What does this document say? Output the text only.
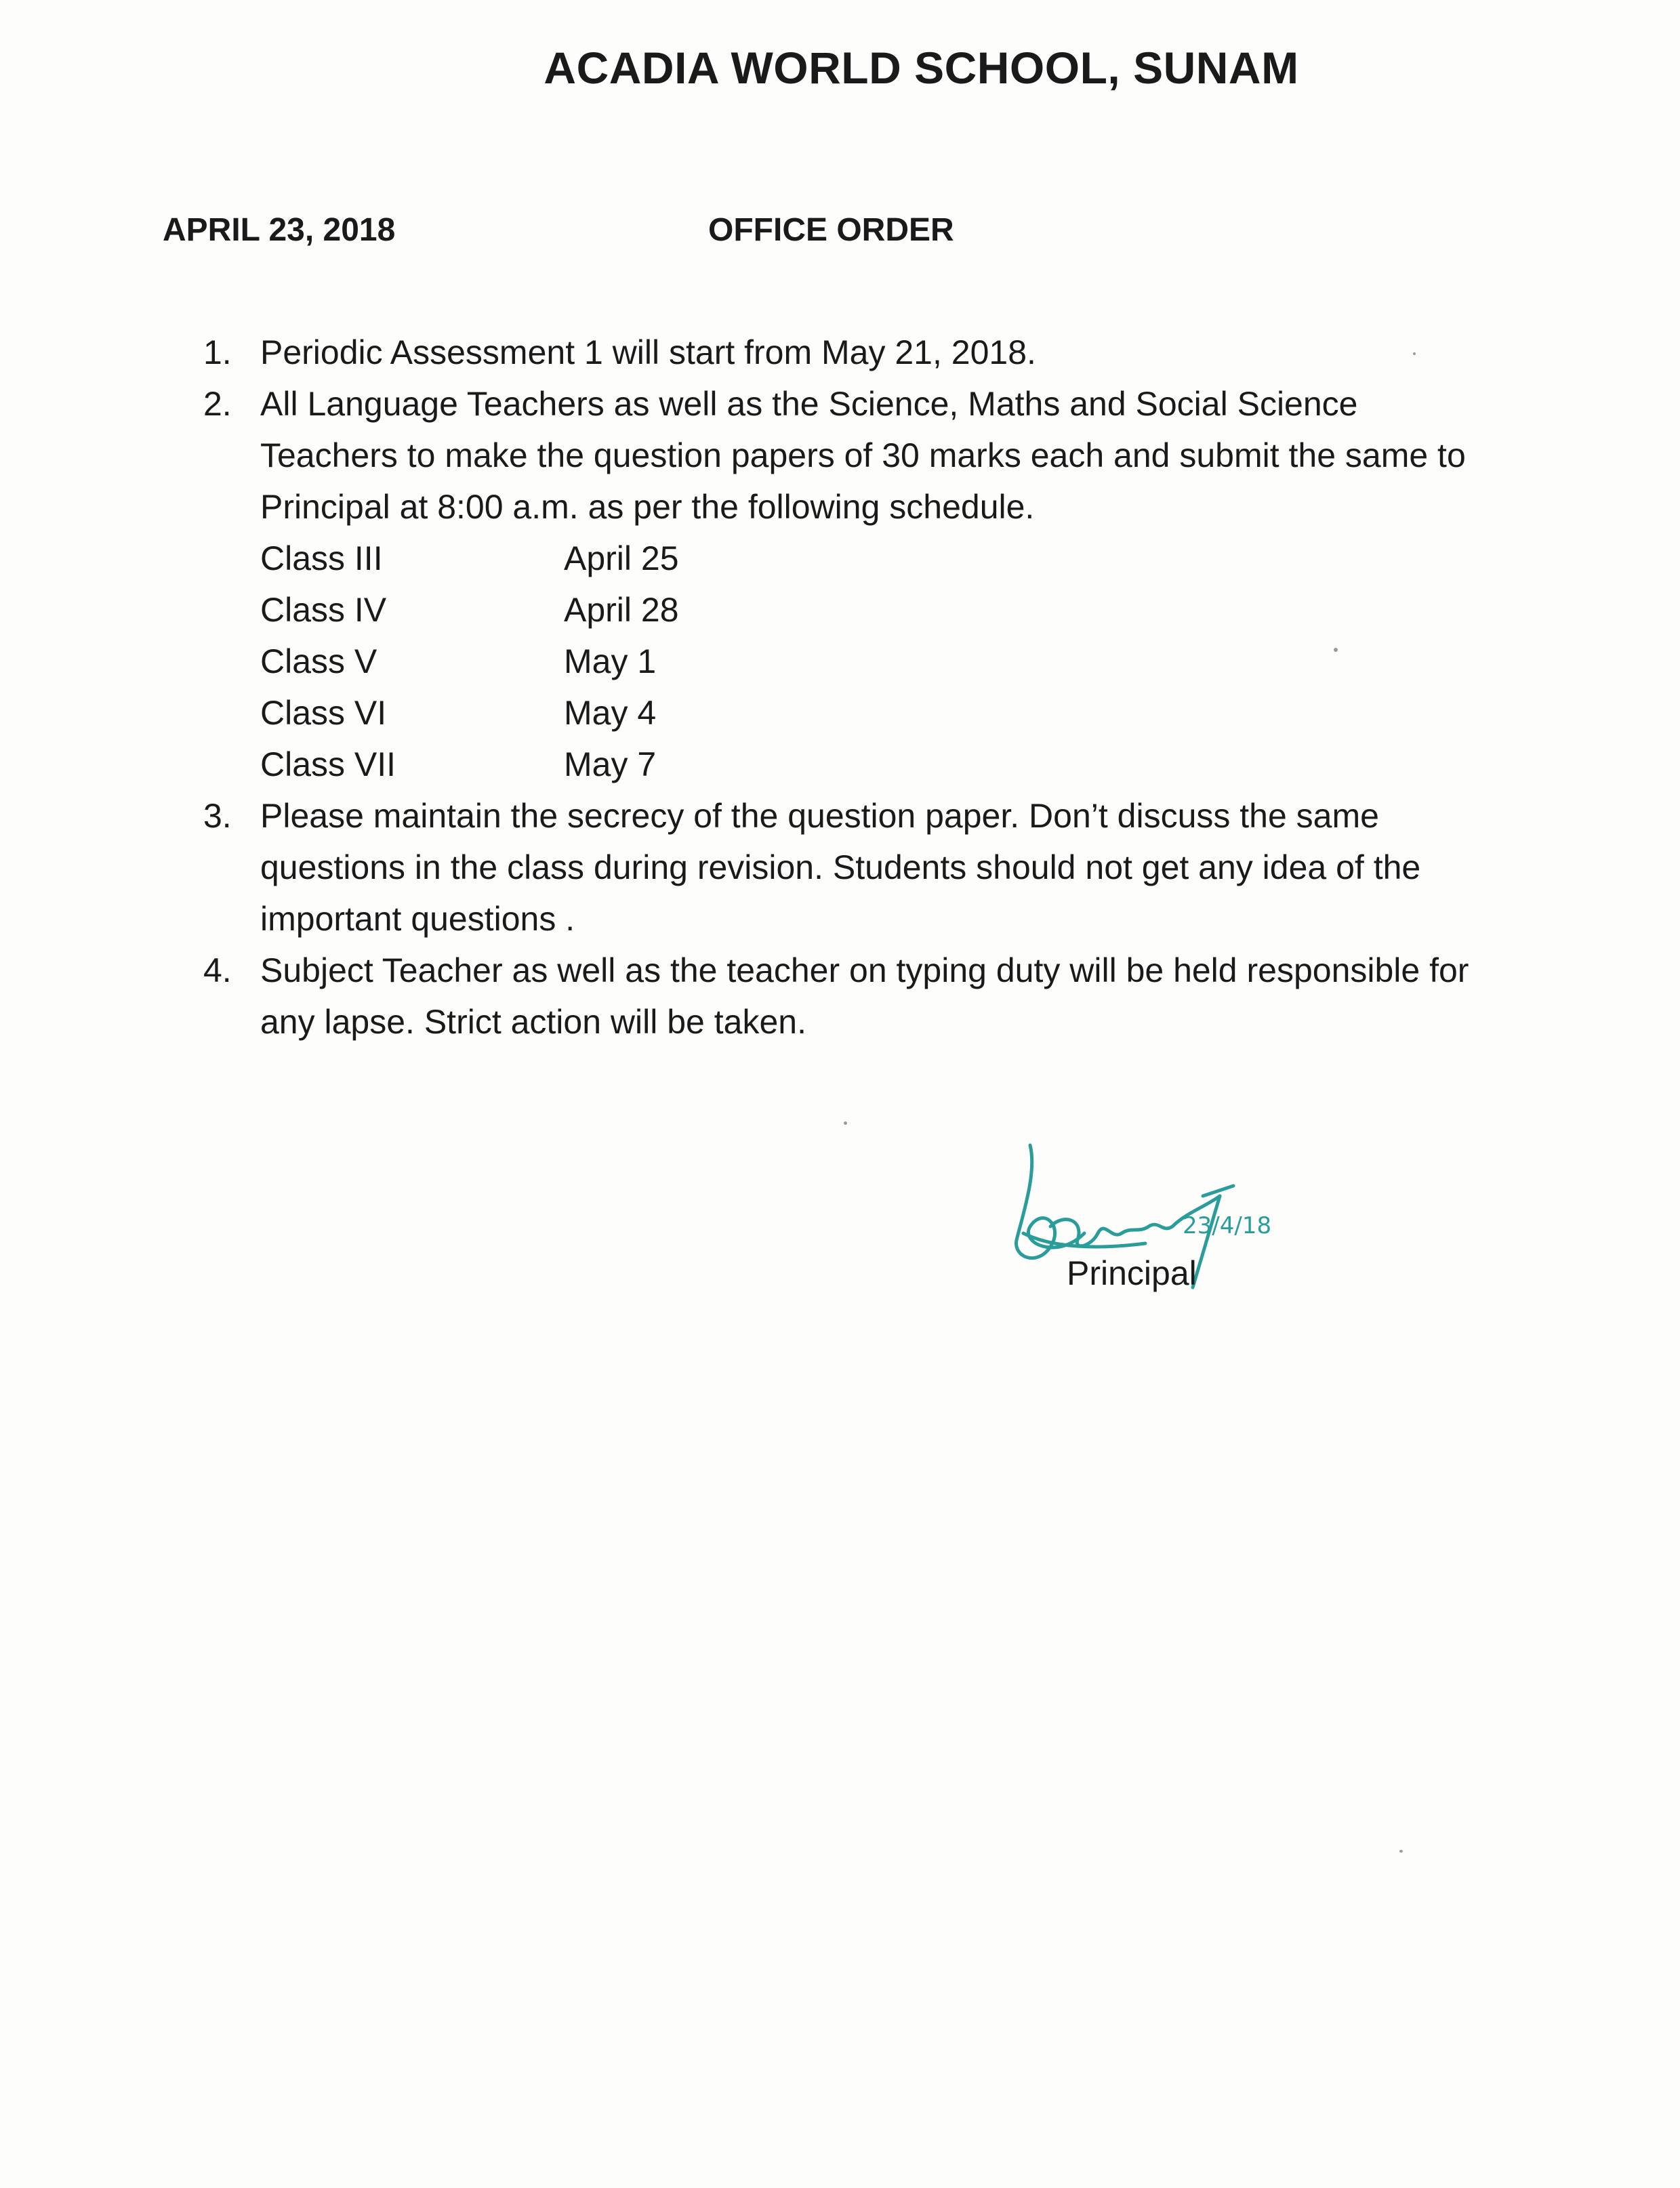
ACADIA WORLD SCHOOL, SUNAM
APRIL 23, 2018	OFFICE ORDER
1. Periodic Assessment 1 will start from May 21, 2018.
2. All Language Teachers as well as the Science, Maths and Social Science Teachers to make the question papers of 30 marks each and submit the same to Principal at 8:00 a.m. as per the following schedule.
Class III	April 25
Class IV	April 28
Class V	May 1
Class VI	May 4
Class VII	May 7
3. Please maintain the secrecy of the question paper. Don’t discuss the same questions in the class during revision. Students should not get any idea of the important questions .
4. Subject Teacher as well as the teacher on typing duty will be held responsible for any lapse. Strict action will be taken.
23/4/18
Principal
